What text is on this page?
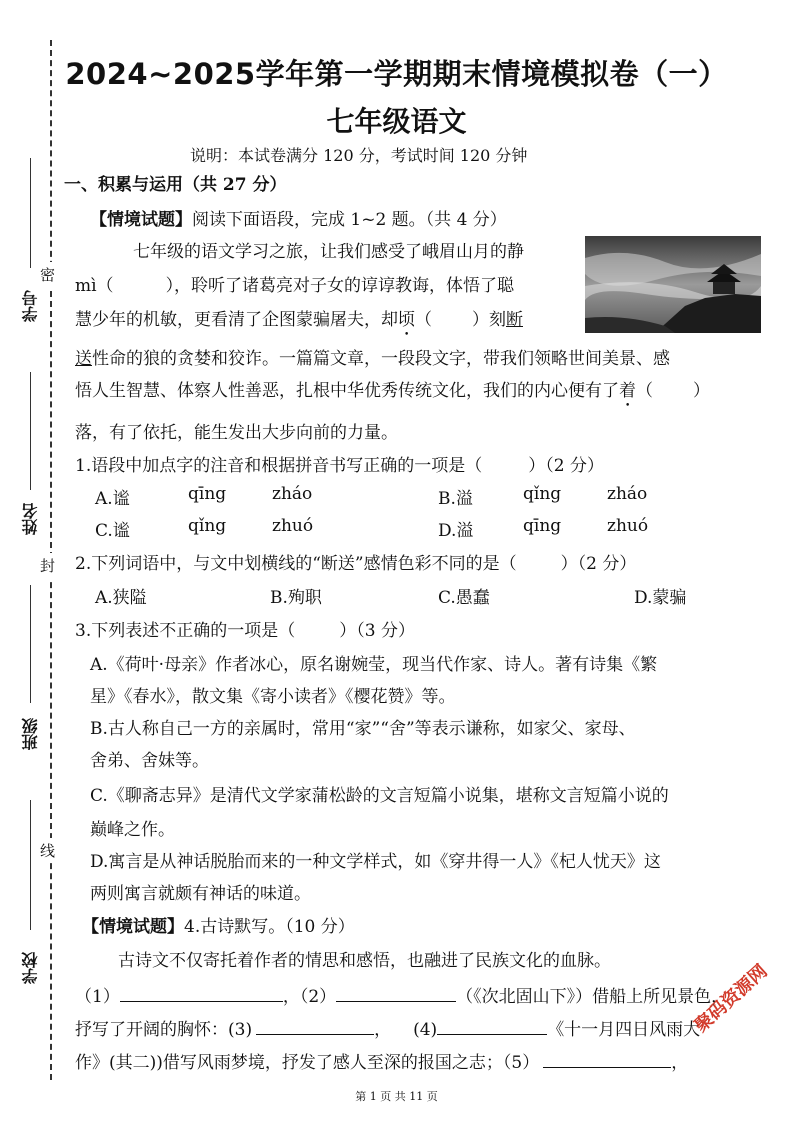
学号
姓名
班级
学校
密
封
线
2024~2025学年第一学期期末情境模拟卷（一）
七年级语文
说明：本试卷满分 120 分，考试时间 120 分钟
一、积累与运用（共 27 分）
【情境试题】阅读下面语段，完成 1~2 题。（共 4 分）
七年级的语文学习之旅，让我们感受了峨眉山月的静
mì（	），聆听了诸葛亮对子女的谆谆教诲，体悟了聪
慧少年的机敏，更看清了企图蒙骗屠夫，却顷（ ）刻断
送性命的狼的贪婪和狡诈。一篇篇文章，一段段文字，带我们领略世间美景、感
悟人生智慧、体察人性善恶，扎根中华优秀传统文化，我们的内心便有了着（ ）
落，有了依托，能生发出大步向前的力量。
1.语段中加点字的注音和根据拼音书写正确的一项是（	）（2 分）
A.谧	qīng	zháo	B.溢	qǐng	zháo
C.谧	qǐng	zhuó	D.溢	qīng	zhuó
2.下列词语中，与文中划横线的“断送”感情色彩不同的是（	）（2 分）
A.狭隘	B.殉职	C.愚蠢	D.蒙骗
3.下列表述不正确的一项是（	）（3 分）
A.《荷叶·母亲》作者冰心，原名谢婉莹，现当代作家、诗人。著有诗集《繁
星》《春水》，散文集《寄小读者》《樱花赞》等。
B.古人称自己一方的亲属时，常用“家”“舍”等表示谦称，如家父、家母、
舍弟、舍妹等。
C.《聊斋志异》是清代文学家蒲松龄的文言短篇小说集，堪称文言短篇小说的
巅峰之作。
D.寓言是从神话脱胎而来的一种文学样式，如《穿井得一人》《杞人忧天》这
两则寓言就颇有神话的味道。
【情境试题】4.古诗默写。（10 分）
古诗文不仅寄托着作者的情思和感悟，也融进了民族文化的血脉。
（1）	，（2）	（《次北固山下》）借船上所见景色，
抒写了开阔的胸怀：(3)	， (4)	《十一月四日风雨大
作》(其二))借写风雨梦境，抒发了感人至深的报国之志；（5）	，
聚码资源网
第 1 页 共 11 页
